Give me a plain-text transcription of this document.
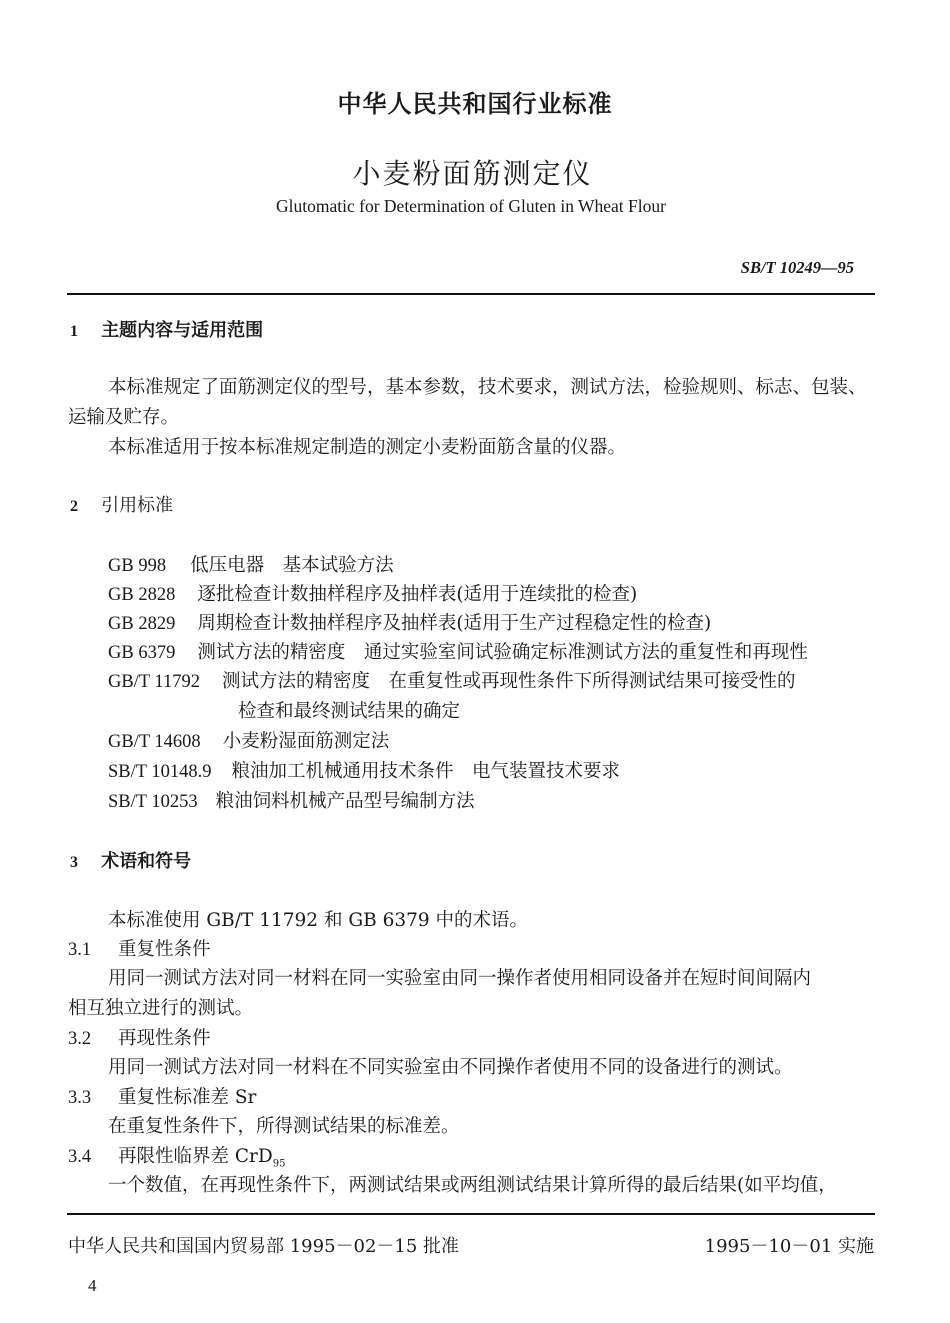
中华人民共和国行业标准
小麦粉面筋测定仪
Glutomatic for Determination of Gluten in Wheat Flour
SB/T 10249—95
1 主题内容与适用范围
本标准规定了面筋测定仪的型号，基本参数，技术要求，测试方法，检验规则、标志、包装、
运输及贮存。
本标准适用于按本标准规定制造的测定小麦粉面筋含量的仪器。
2 引用标准
GB 998 低压电器　基本试验方法
GB 2828 逐批检查计数抽样程序及抽样表(适用于连续批的检查)
GB 2829 周期检查计数抽样程序及抽样表(适用于生产过程稳定性的检查)
GB 6379 测试方法的精密度　通过实验室间试验确定标准测试方法的重复性和再现性
GB/T 11792 测试方法的精密度　在重复性或再现性条件下所得测试结果可接受性的
检查和最终测试结果的确定
GB/T 14608 小麦粉湿面筋测定法
SB/T 10148.9 粮油加工机械通用技术条件　电气装置技术要求
SB/T 10253 粮油饲料机械产品型号编制方法
3 术语和符号
本标准使用 GB/T 11792 和 GB 6379 中的术语。
3.1 重复性条件
用同一测试方法对同一材料在同一实验室由同一操作者使用相同设备并在短时间间隔内
相互独立进行的测试。
3.2 再现性条件
用同一测试方法对同一材料在不同实验室由不同操作者使用不同的设备进行的测试。
3.3 重复性标准差 Sr
在重复性条件下，所得测试结果的标准差。
3.4 再限性临界差 CrD$_{95}$
一个数值，在再现性条件下，两测试结果或两组测试结果计算所得的最后结果(如平均值，
中华人民共和国国内贸易部 1995－02－15 批准	1995－10－01 实施
4
